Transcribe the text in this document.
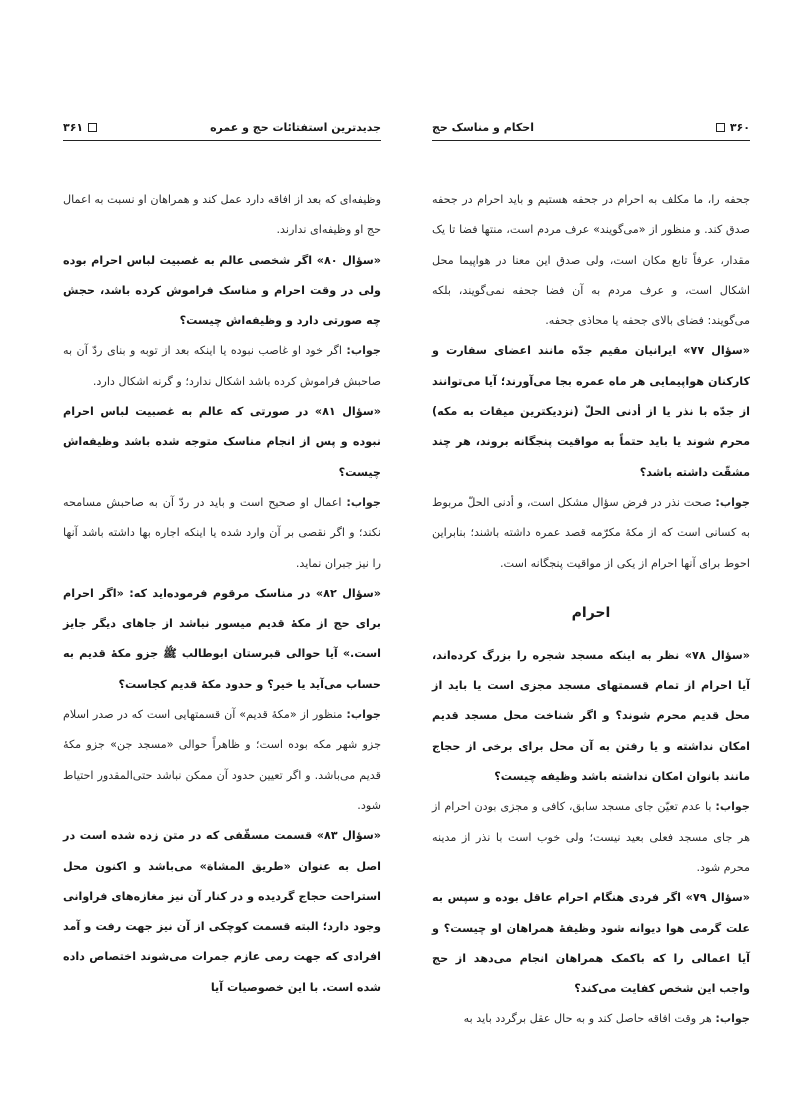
جدیدترین استفتائات حج و عمره
۳۶۱

وظیفه‌ای که بعد از افاقه دارد عمل کند و همراهان او نسبت به اعمال حج او وظیفه‌ای ندارند.

«سؤال ۸۰» اگر شخصی عالم به غصبیت لباس احرام بوده ولی در وقت احرام و مناسک فراموش کرده باشد، حجش چه صورتی دارد و وظیفه‌اش چیست؟

جواب: اگر خود او غاصب نبوده یا اینکه بعد از توبه و بنای ردّ آن به صاحبش فراموش کرده باشد اشکال ندارد؛ و گرنه اشکال دارد.

«سؤال ۸۱» در صورتی که عالم به غصبیت لباس احرام نبوده و پس از انجام مناسک متوجه شده باشد وظیفه‌اش چیست؟

جواب: اعمال او صحیح است و باید در ردّ آن به صاحبش مسامحه نکند؛ و اگر نقصی بر آن وارد شده یا اینکه اجاره بها داشته باشد آنها را نیز جبران نماید.

«سؤال ۸۲» در مناسک مرقوم فرموده‌اید که: «اگر احرام برای حج از مکهٔ قدیم میسور نباشد از جاهای دیگر جایز است.» آیا حوالی قبرستان ابوطالب ﷺ جزو مکهٔ قدیم به حساب می‌آید یا خیر؟ و حدود مکهٔ قدیم کجاست؟

جواب: منظور از «مکهٔ قدیم» آن قسمتهایی است که در صدر اسلام جزو شهر مکه بوده است؛ و ظاهراً حوالی «مسجد جن» جزو مکهٔ قدیم می‌باشد. و اگر تعیین حدود آن ممکن نباشد حتی‌المقدور احتیاط شود.

«سؤال ۸۳» قسمت مسقّفی که در متن زده شده است در اصل به عنوان «طریق المشاة» می‌باشد و اکنون محل استراحت حجاج گردیده و در کنار آن نیز مغازه‌های فراوانی وجود دارد؛ البته قسمت کوچکی از آن نیز جهت رفت و آمد افرادی که جهت رمی عازم جمرات می‌شوند اختصاص داده شده است. با این خصوصیات آیا

۳۶۰
احکام و مناسک حج

جحفه را، ما مکلف به احرام در جحفه هستیم و باید احرام در جحفه صدق کند. و منظور از «می‌گویند» عرف مردم است، منتها فضا تا یک مقدار، عرفاً تابع مکان است، ولی صدق این معنا در هواپیما محل اشکال است، و عرف مردم به آن فضا جحفه نمی‌گویند، بلکه می‌گویند: فضای بالای جحفه یا محاذی جحفه.

«سؤال ۷۷» ایرانیان مقیم جدّه مانند اعضای سفارت و کارکنان هواپیمایی هر ماه عمره بجا می‌آورند؛ آیا می‌توانند از جدّه با نذر یا از أدنی الحلّ (نزدیکترین میقات به مکه) محرم شوند یا باید حتماً به مواقیت پنجگانه بروند، هر چند مشقّت داشته باشد؟

جواب: صحت نذر در فرض سؤال مشکل است، و أدنی الحلّ مربوط به کسانی است که از مکهٔ مکرّمه قصد عمره داشته باشند؛ بنابراین احوط برای آنها احرام از یکی از مواقیت پنجگانه است.

احرام

«سؤال ۷۸» نظر به اینکه مسجد شجره را بزرگ کرده‌اند، آیا احرام از تمام قسمتهای مسجد مجزی است یا باید از محل قدیم محرم شوند؟ و اگر شناخت محل مسجد قدیم امکان نداشته و یا رفتن به آن محل برای برخی از حجاج مانند بانوان امکان نداشته باشد وظیفه چیست؟

جواب: با عدم تعیّن جای مسجد سابق، کافی و مجزی بودن احرام از هر جای مسجد فعلی بعید نیست؛ ولی خوب است با نذر از مدینه محرم شود.

«سؤال ۷۹» اگر فردی هنگام احرام عاقل بوده و سپس به علت گرمی هوا دیوانه شود وظیفهٔ همراهان او چیست؟ و آیا اعمالی را که باکمک همراهان انجام می‌دهد از حج واجب این شخص کفایت می‌کند؟

جواب: هر وقت افاقه حاصل کند و به حال عقل برگردد باید به
